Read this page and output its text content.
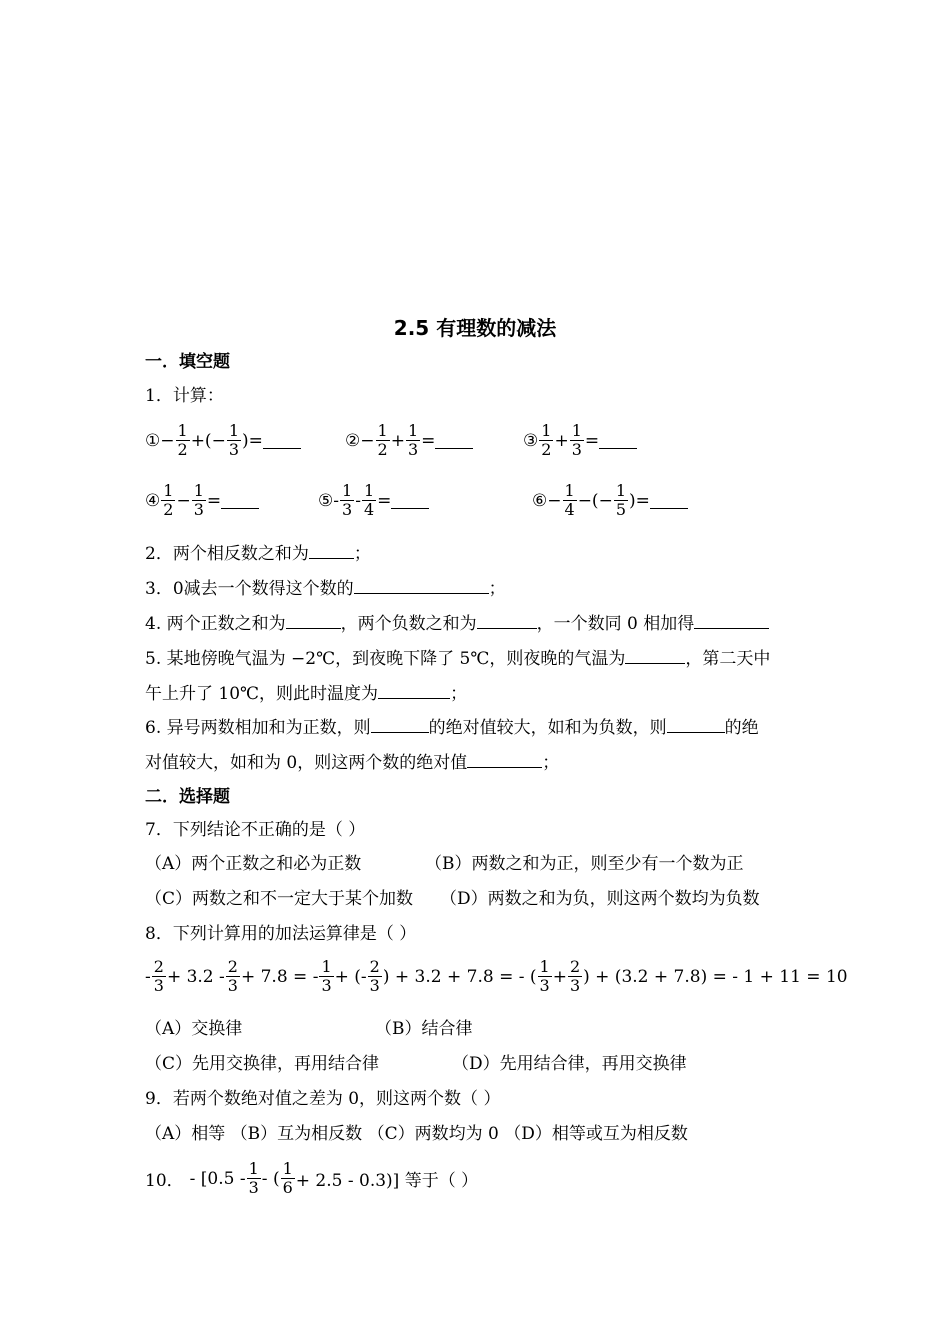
2.5 有理数的减法
一．填空题
1．计算：
① − $\frac{1}{2}$ +(− $\frac{1}{3}$ )=	② − $\frac{1}{2} + \frac{1}{3}$ =	③ $\frac{1}{2} + \frac{1}{3}$ =
④ $\frac{1}{2} - \frac{1}{3}$ =	⑤ - $\frac{1}{3} - \frac{1}{4}$ =	⑥ − $\frac{1}{4}$ −(− $\frac{1}{5}$ )=
2．两个相反数之和为	；
3．0减去一个数得这个数的	；
4. 两个正数之和为	，两个负数之和为	，一个数同 0 相加得
5. 某地傍晚气温为 −2℃，到夜晚下降了 5℃，则夜晚的气温为	，第二天中
午上升了 10℃，则此时温度为	；
6. 异号两数相加和为正数，则	的绝对值较大，如和为负数，则	的绝
对值较大，如和为 0，则这两个数的绝对值	；
二．选择题
7．下列结论不正确的是（ ）
（A）两个正数之和必为正数	（B）两数之和为正，则至少有一个数为正
（C）两数之和不一定大于某个加数 （D）两数之和为负，则这两个数均为负数
8．下列计算用的加法运算律是（ ）
- $\frac{2}{3} + 3.2 - \frac{2}{3} + 7.8$ = - $\frac{1}{3}$ + (- $\frac{2}{3}$ ) + 3.2 + 7.8 = - ( $\frac{1}{3} + \frac{2}{3}$ ) + (3.2 + 7.8) = - 1 + 11 = 10
（A）交换律	（B）结合律
（C）先用交换律，再用结合律	（D）先用结合律，再用交换律
9．若两个数绝对值之差为 0，则这两个数（ ）
（A）相等 （B）互为相反数 （C）两数均为 0 （D）相等或互为相反数
10． - [$0.5 - \frac{1}{3}$ - ( $\frac{1}{6} + 2.5 - 0.3$)] 等于（ ）
